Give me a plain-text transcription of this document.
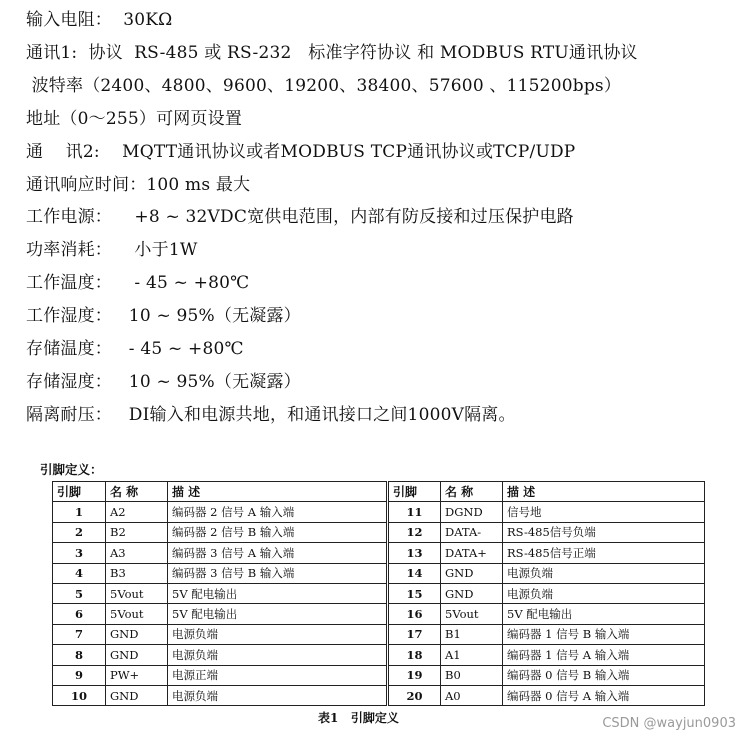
输入电阻：  30KΩ
通讯1:  协议  RS-485 或 RS-232   标准字符协议 和 MODBUS RTU通讯协议
波特率（2400、4800、9600、19200、38400、57600 、115200bps）
地址（0～255）可网页设置
通    讯2:    MQTT通讯协议或者MODBUS TCP通讯协议或TCP/UDP
通讯响应时间：100 ms 最大
工作电源：    +8 ~ 32VDC宽供电范围，内部有防反接和过压保护电路
功率消耗：    小于1W
工作温度：    - 45 ~ +80℃
工作湿度：   10 ~ 95%（无凝露）
存储温度：   - 45 ~ +80℃
存储湿度：   10 ~ 95%（无凝露）
隔离耐压：   DI输入和电源共地，和通讯接口之间1000V隔离。
引脚定义：
引脚	名 称	描 述	引脚	名 称	描 述
1	A2	编码器 2 信号 A 输入端	11	DGND	信号地
2	B2	编码器 2 信号 B 输入端	12	DATA-	RS-485信号负端
3	A3	编码器 3 信号 A 输入端	13	DATA+	RS-485信号正端
4	B3	编码器 3 信号 B 输入端	14	GND	电源负端
5	5Vout	5V 配电输出	15	GND	电源负端
6	5Vout	5V 配电输出	16	5Vout	5V 配电输出
7	GND	电源负端	17	B1	编码器 1 信号 B 输入端
8	GND	电源负端	18	A1	编码器 1 信号 A 输入端
9	PW+	电源正端	19	B0	编码器 0 信号 B 输入端
10	GND	电源负端	20	A0	编码器 0 信号 A 输入端
表1   引脚定义	CSDN @wayjun0903
